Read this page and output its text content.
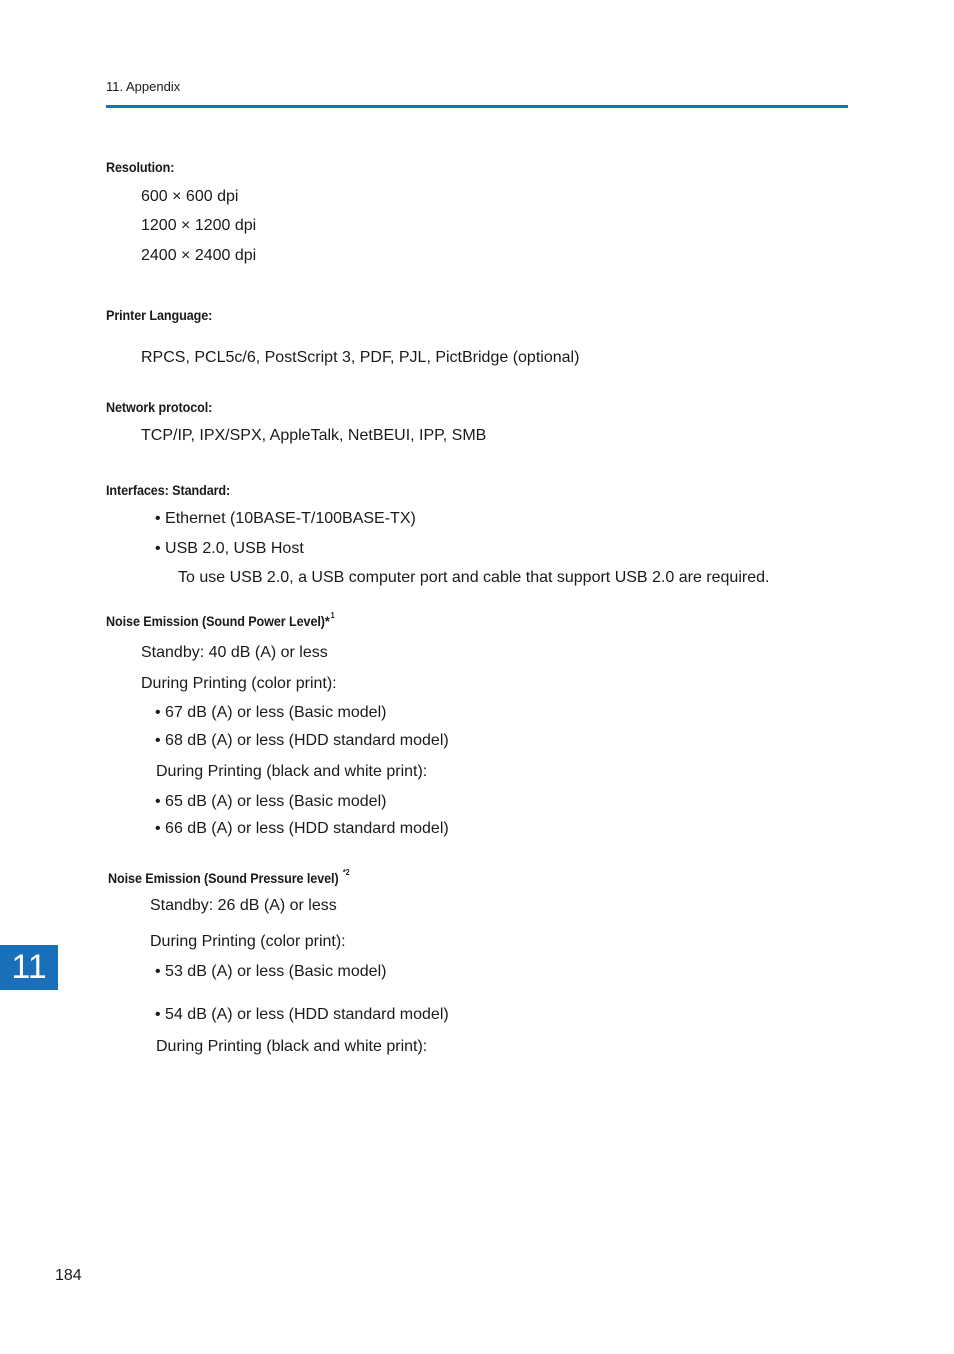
11. Appendix
Resolution:
600 × 600 dpi
1200 × 1200 dpi
2400 × 2400 dpi
Printer Language:
RPCS, PCL5c/6, PostScript 3, PDF, PJL, PictBridge (optional)
Network protocol:
TCP/IP, IPX/SPX, AppleTalk, NetBEUI, IPP, SMB
Interfaces: Standard:
• Ethernet (10BASE-T/100BASE-TX)
• USB 2.0, USB Host
To use USB 2.0, a USB computer port and cable that support USB 2.0 are required.
Noise Emission (Sound Power Level)*$^1$
Standby: 40 dB (A) or less
During Printing (color print):
• 67 dB (A) or less (Basic model)
• 68 dB (A) or less (HDD standard model)
During Printing (black and white print):
• 65 dB (A) or less (Basic model)
• 66 dB (A) or less (HDD standard model)
Noise Emission (Sound Pressure level) $^{*2}$
Standby: 26 dB (A) or less
During Printing (color print):
• 53 dB (A) or less (Basic model)
• 54 dB (A) or less (HDD standard model)
During Printing (black and white print):
11
184
